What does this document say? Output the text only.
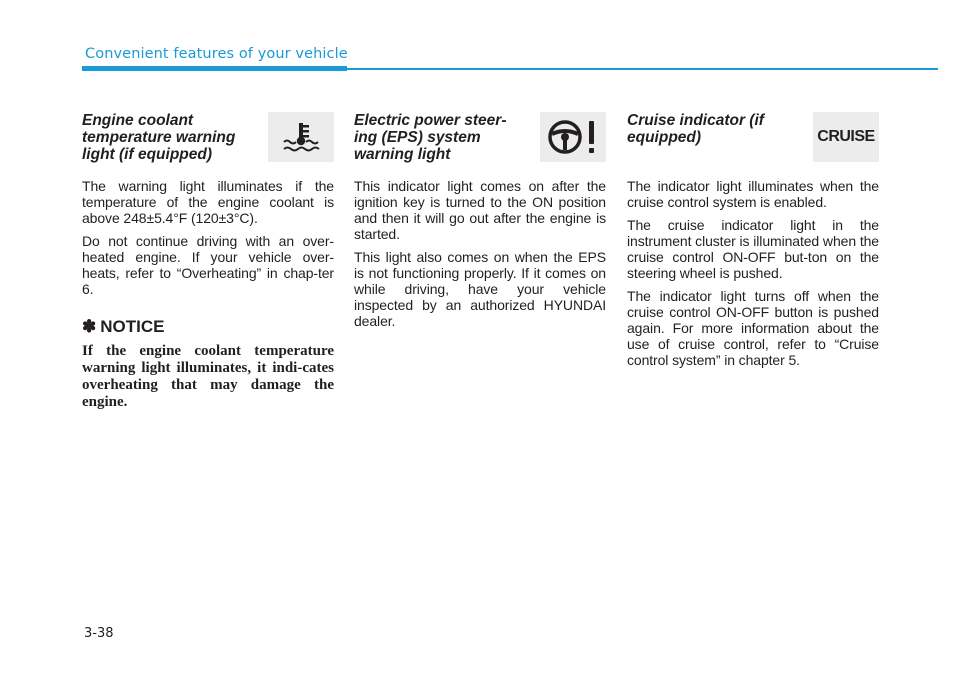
Convenient features of your vehicle
Engine coolant temperature warning light (if equipped)

The warning light illuminates if the temperature of the engine coolant is above 248±5.4°F (120±3°C).

Do not continue driving with an over-heated engine. If your vehicle over-heats, refer to “Overheating” in chap-ter 6.

✽ NOTICE

If the engine coolant temperature warning light illuminates, it indi-cates overheating that may damage the engine.

Electric power steer-ing (EPS) system warning light

This indicator light comes on after the ignition key is turned to the ON position and then it will go out after the engine is started.

This light also comes on when the EPS is not functioning properly. If it comes on while driving, have your vehicle inspected by an authorized HYUNDAI dealer.

Cruise indicator (if equipped)	CRUISE

The indicator light illuminates when the cruise control system is enabled.

The cruise indicator light in the instrument cluster is illuminated when the cruise control ON-OFF but-ton on the steering wheel is pushed.

The indicator light turns off when the cruise control ON-OFF button is pushed again. For more information about the use of cruise control, refer to “Cruise control system” in chapter 5.

3-38
